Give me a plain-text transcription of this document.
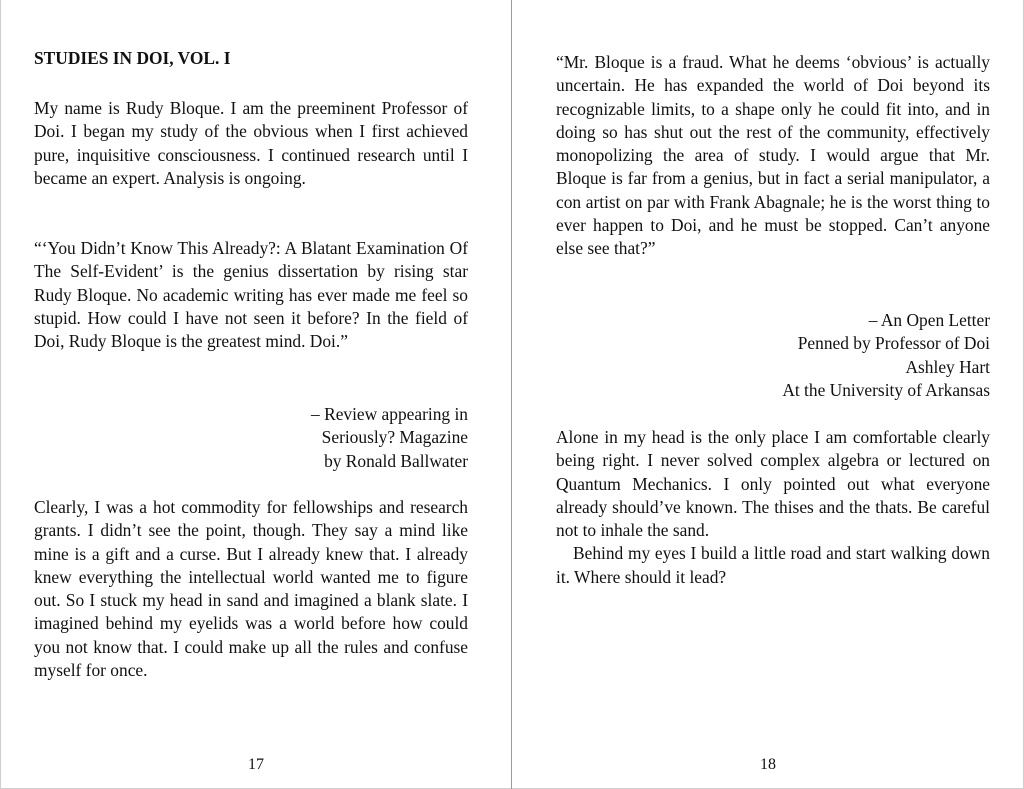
STUDIES IN DOI, VOL. I

My name is Rudy Bloque. I am the preeminent Professor of Doi. I began my study of the obvious when I first achieved pure, inquisitive consciousness. I continued research until I became an expert. Analysis is ongoing.

“‘You Didn’t Know This Already?: A Blatant Examination Of The Self-Evident’ is the genius dissertation by rising star Rudy Bloque. No academic writing has ever made me feel so stupid. How could I have not seen it before? In the field of Doi, Rudy Bloque is the greatest mind. Doi.”

– Review appearing in

Seriously? Magazine

by Ronald Ballwater

Clearly, I was a hot commodity for fellowships and research grants. I didn’t see the point, though. They say a mind like mine is a gift and a curse. But I already knew that. I already knew everything the intellectual world wanted me to figure out. So I stuck my head in sand and imagined a blank slate. I imagined behind my eyelids was a world before how could you not know that. I could make up all the rules and confuse myself for once.

17

“Mr. Bloque is a fraud. What he deems ‘obvious’ is actually uncertain. He has expanded the world of Doi beyond its recognizable limits, to a shape only he could fit into, and in doing so has shut out the rest of the community, effectively monopolizing the area of study. I would argue that Mr. Bloque is far from a genius, but in fact a serial manipulator, a con artist on par with Frank Abagnale; he is the worst thing to ever happen to Doi, and he must be stopped. Can’t anyone else see that?”

– An Open Letter

Penned by Professor of Doi

Ashley Hart

At the University of Arkansas

Alone in my head is the only place I am comfortable clearly being right. I never solved complex algebra or lectured on Quantum Mechanics. I only pointed out what everyone already should’ve known. The thises and the thats. Be careful not to inhale the sand.

Behind my eyes I build a little road and start walking down it. Where should it lead?

18
